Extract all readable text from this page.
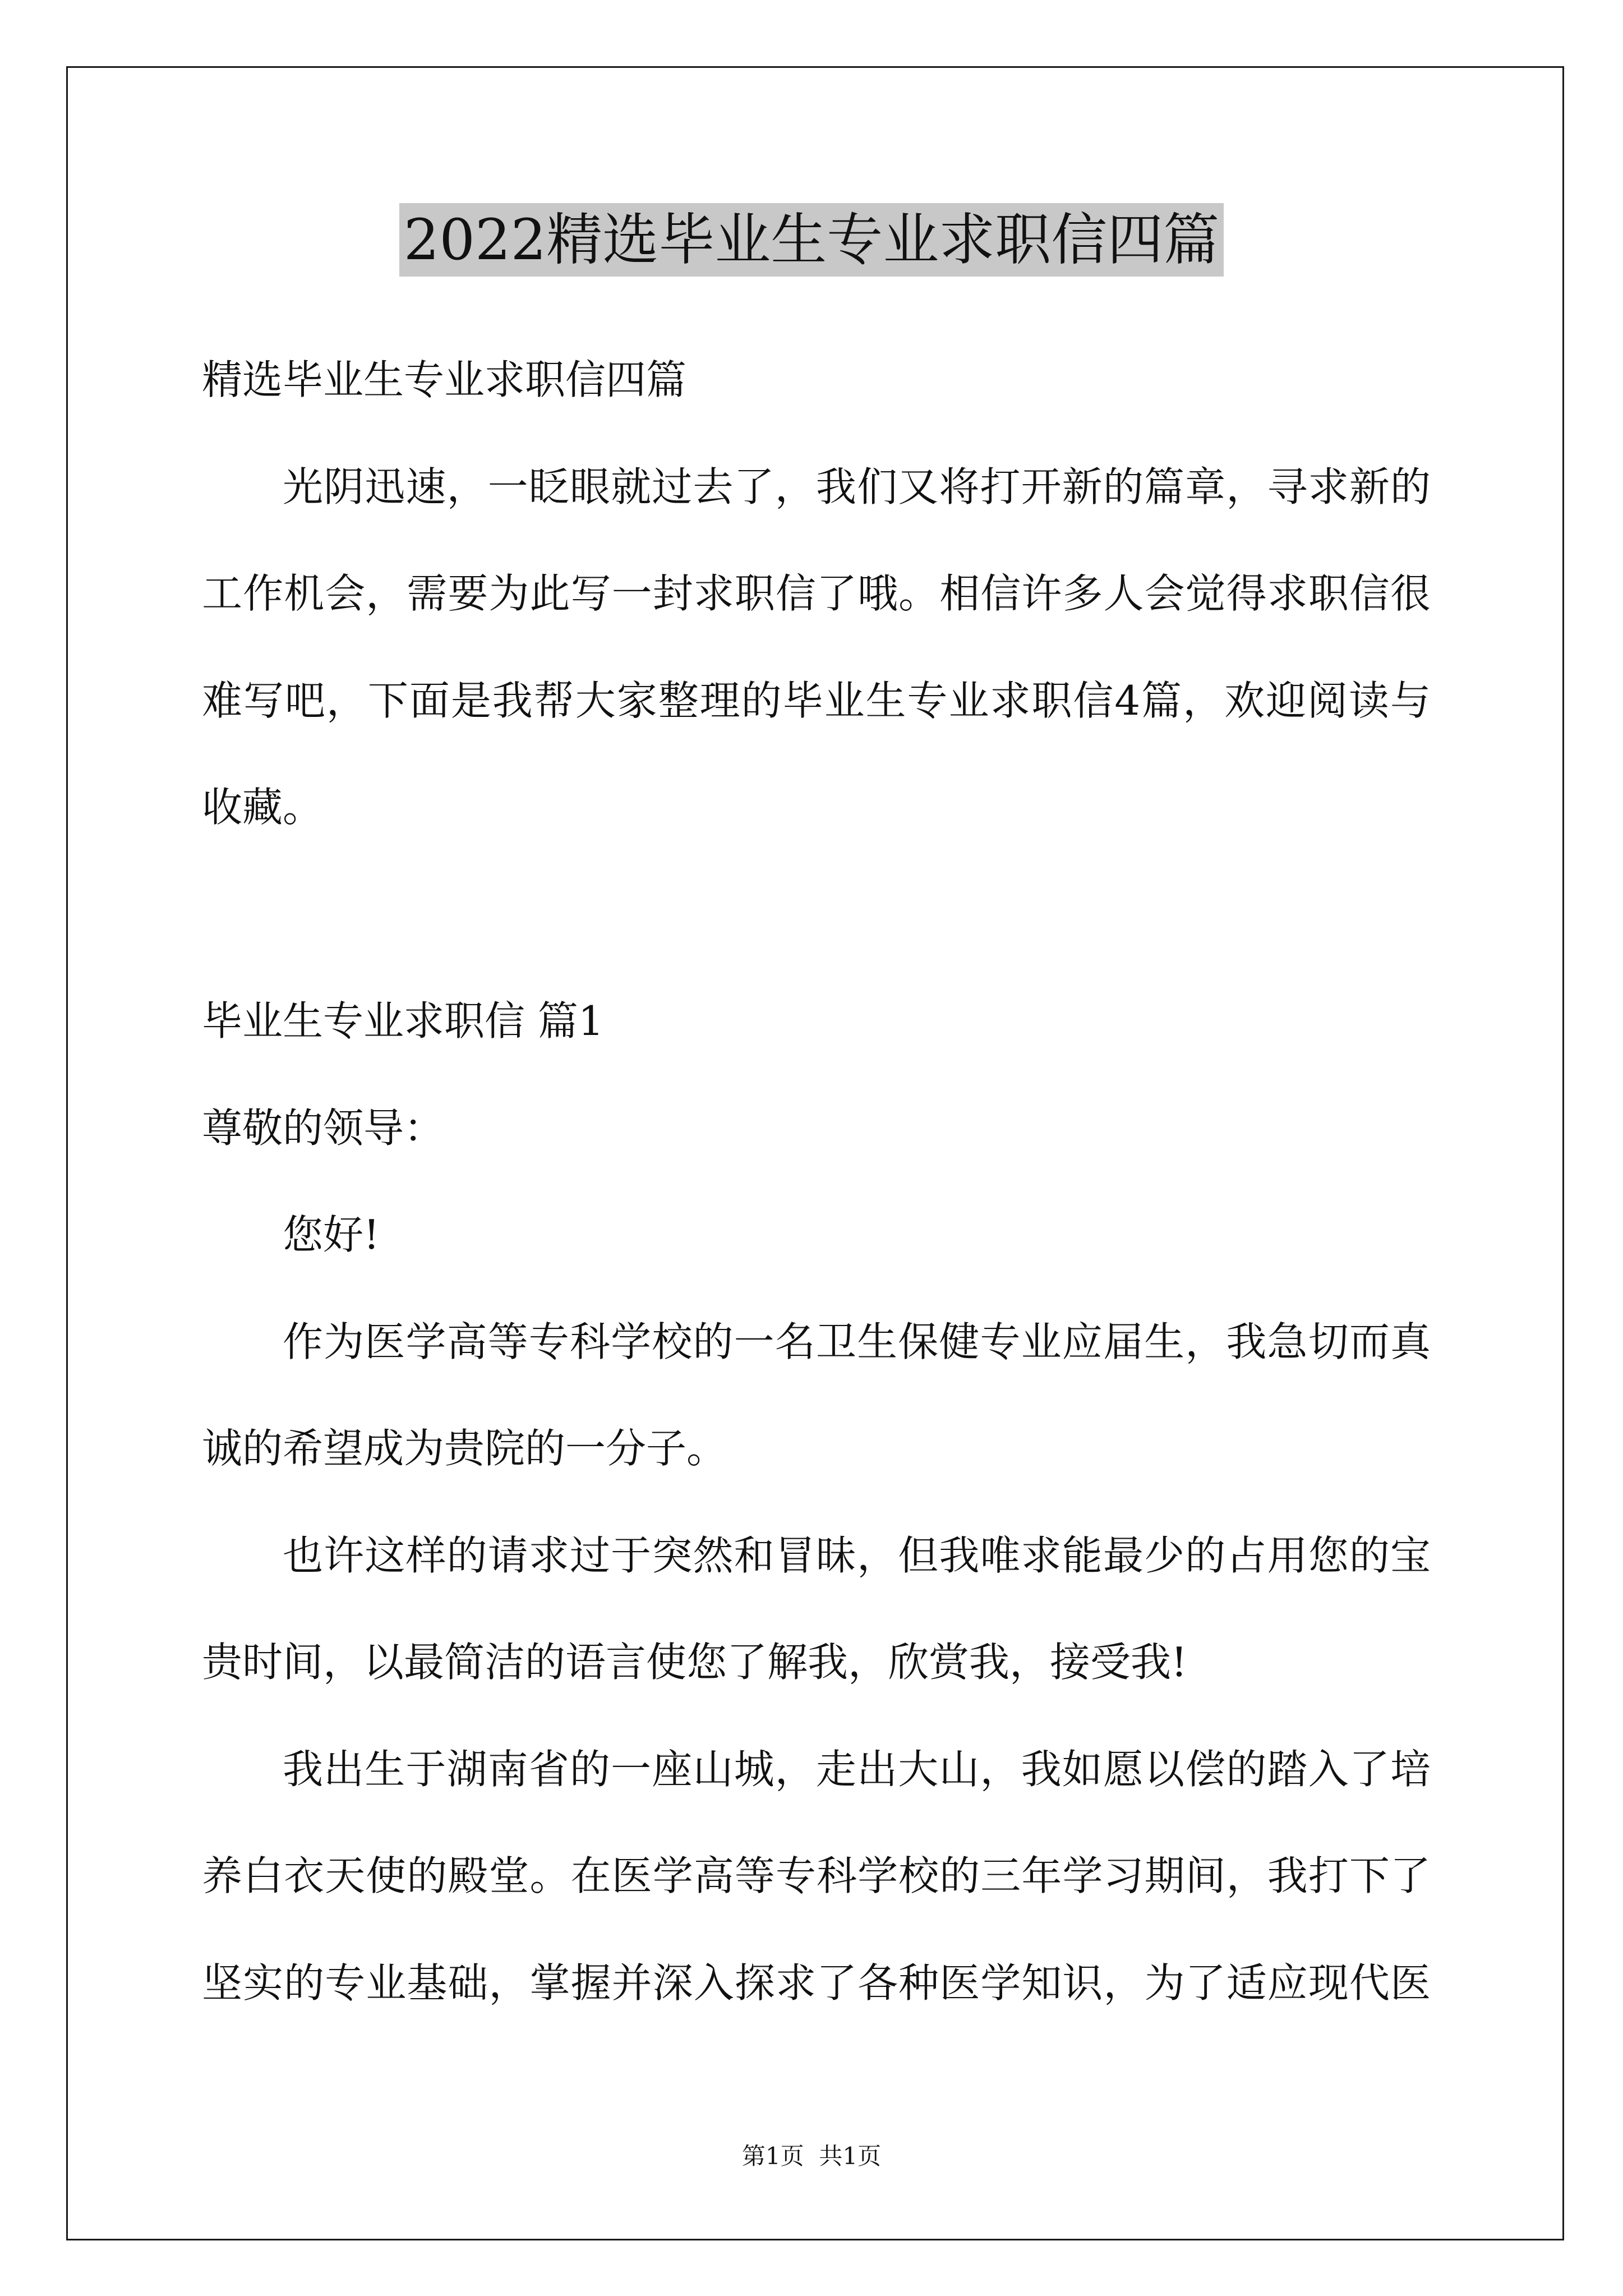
2022精选毕业生专业求职信四篇
精选毕业生专业求职信四篇
光阴迅速，一眨眼就过去了，我们又将打开新的篇章，寻求新的
工作机会，需要为此写一封求职信了哦。相信许多人会觉得求职信很
难写吧，下面是我帮大家整理的毕业生专业求职信4篇，欢迎阅读与
收藏。
毕业生专业求职信 篇1
尊敬的领导：
您好!
作为医学高等专科学校的一名卫生保健专业应届生，我急切而真
诚的希望成为贵院的一分子。
也许这样的请求过于突然和冒昧，但我唯求能最少的占用您的宝
贵时间，以最简洁的语言使您了解我，欣赏我，接受我!
我出生于湖南省的一座山城，走出大山，我如愿以偿的踏入了培
养白衣天使的殿堂。在医学高等专科学校的三年学习期间，我打下了
坚实的专业基础，掌握并深入探求了各种医学知识，为了适应现代医
第1页  共1页
